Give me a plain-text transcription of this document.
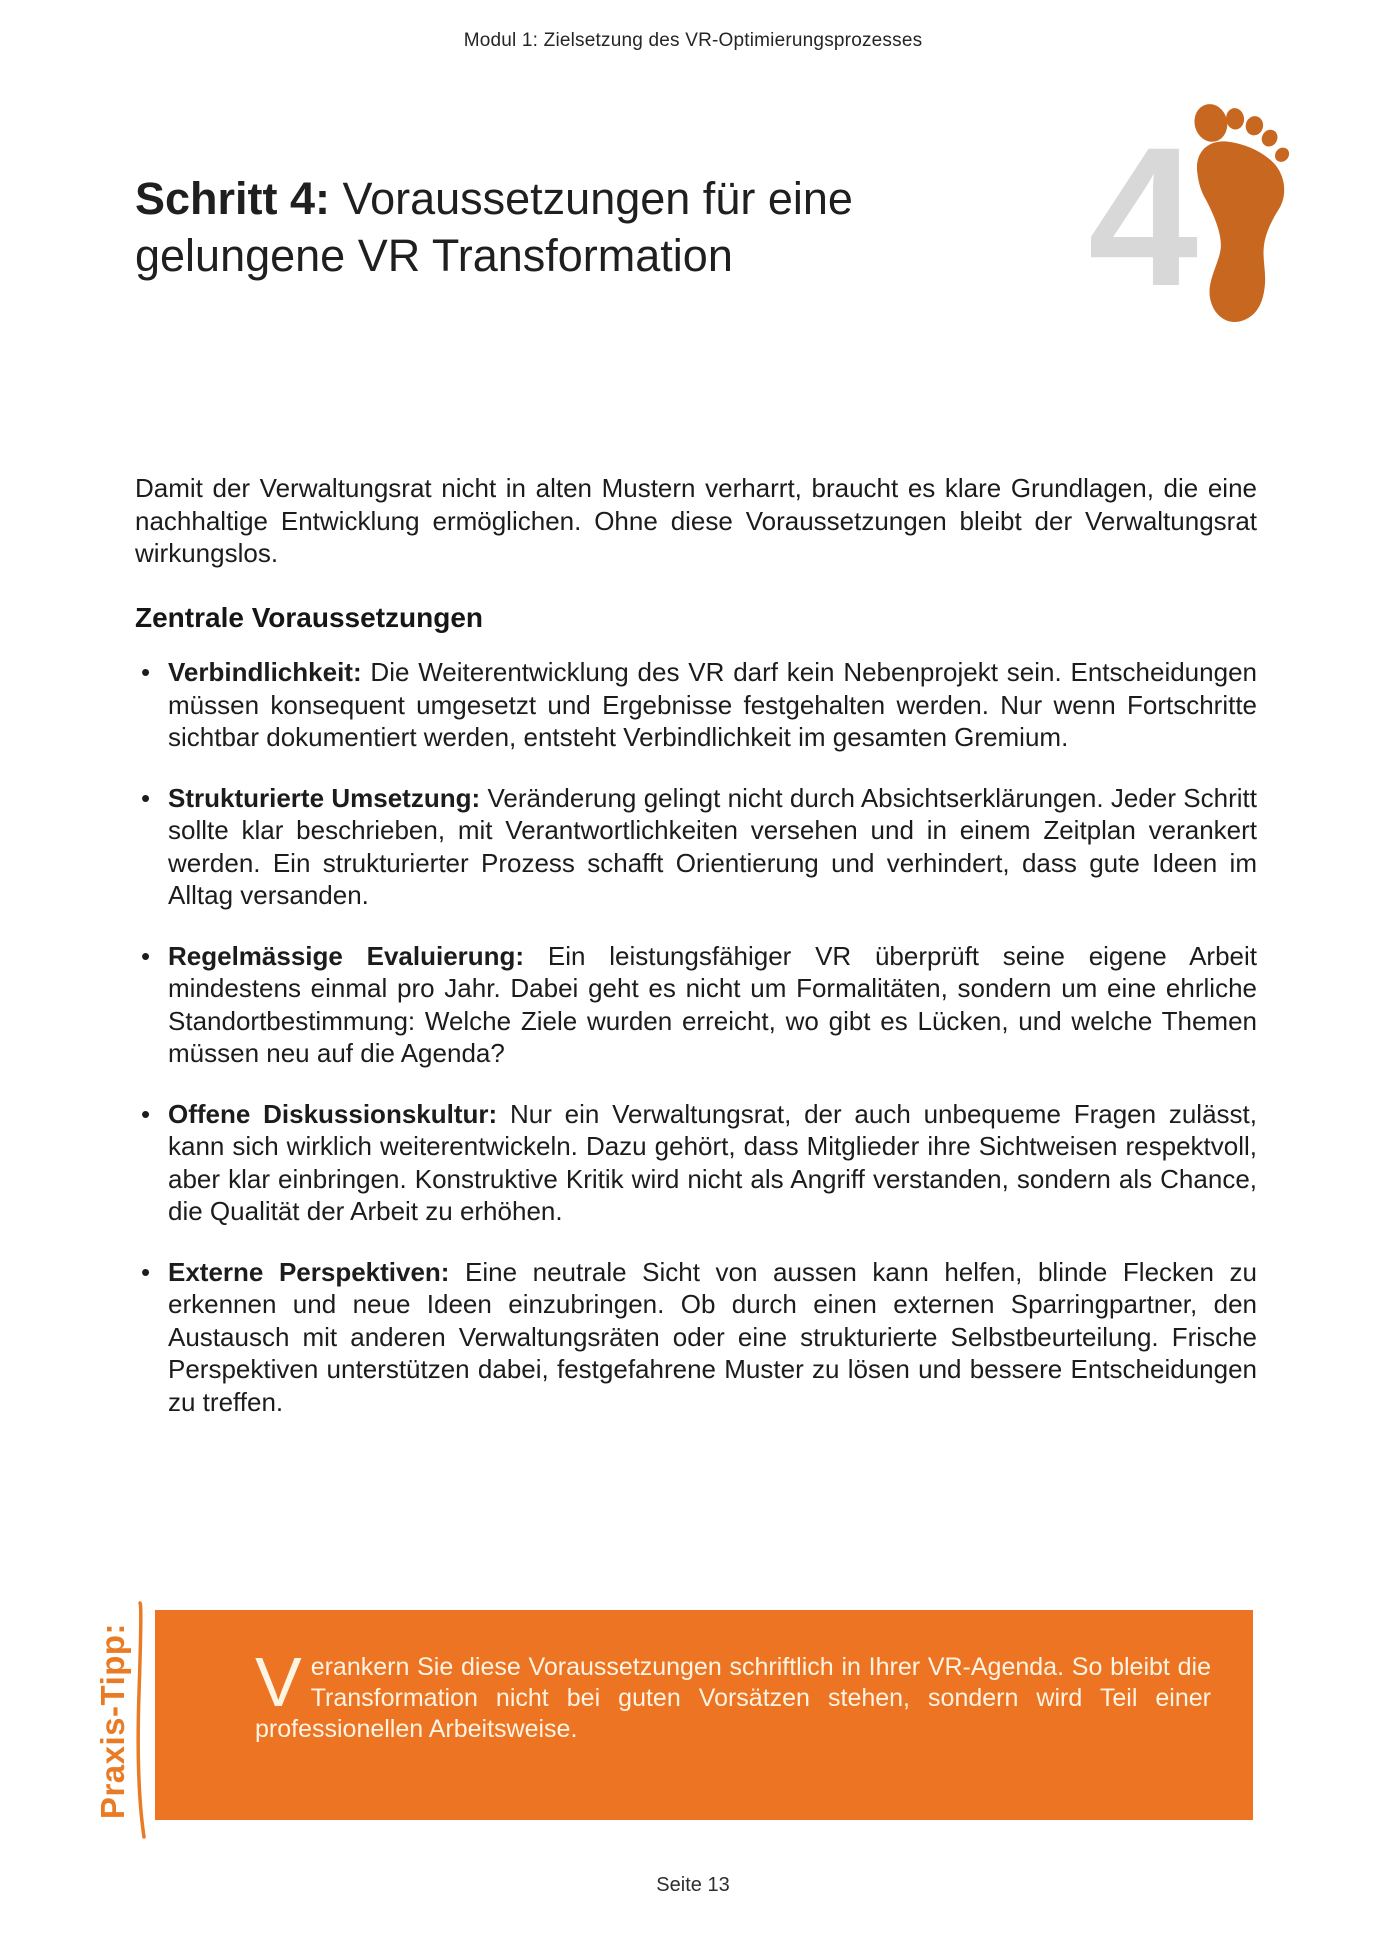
Modul 1: Zielsetzung des VR-Optimierungsprozesses
4
Schritt 4: Voraussetzungen für eine gelungene VR Transformation

Damit der Verwaltungsrat nicht in alten Mustern verharrt, braucht es klare Grundlagen, die eine nachhaltige Entwicklung ermöglichen. Ohne diese Voraussetzungen bleibt der Verwaltungsrat wirkungslos.

Zentrale Voraussetzungen
• Verbindlichkeit: Die Weiterentwicklung des VR darf kein Nebenprojekt sein. Entscheidungen müssen konsequent umgesetzt und Ergebnisse festgehalten werden. Nur wenn Fortschritte sichtbar dokumentiert werden, entsteht Verbindlichkeit im gesamten Gremium.
• Strukturierte Umsetzung: Veränderung gelingt nicht durch Absichtserklärungen. Jeder Schritt sollte klar beschrieben, mit Verantwortlichkeiten versehen und in einem Zeitplan verankert werden. Ein strukturierter Prozess schafft Orientierung und verhindert, dass gute Ideen im Alltag versanden.
• Regelmässige Evaluierung: Ein leistungsfähiger VR überprüft seine eigene Arbeit mindestens einmal pro Jahr. Dabei geht es nicht um Formalitäten, sondern um eine ehrliche Standortbestimmung: Welche Ziele wurden erreicht, wo gibt es Lücken, und welche Themen müssen neu auf die Agenda?
• Offene Diskussionskultur: Nur ein Verwaltungsrat, der auch unbequeme Fragen zulässt, kann sich wirklich weiterentwickeln. Dazu gehört, dass Mitglieder ihre Sichtweisen respektvoll, aber klar einbringen. Konstruktive Kritik wird nicht als Angriff verstanden, sondern als Chance, die Qualität der Arbeit zu erhöhen.
• Externe Perspektiven: Eine neutrale Sicht von aussen kann helfen, blinde Flecken zu erkennen und neue Ideen einzubringen. Ob durch einen externen Sparringpartner, den Austausch mit anderen Verwaltungsräten oder eine strukturierte Selbstbeurteilung. Frische Perspektiven unterstützen dabei, festgefahrene Muster zu lösen und bessere Entscheidungen zu treffen.
Praxis-Tipp: Verankern Sie diese Voraussetzungen schriftlich in Ihrer VR-Agenda. So bleibt die Transformation nicht bei guten Vorsätzen stehen, sondern wird Teil einer professionellen Arbeitsweise.
Seite 13
